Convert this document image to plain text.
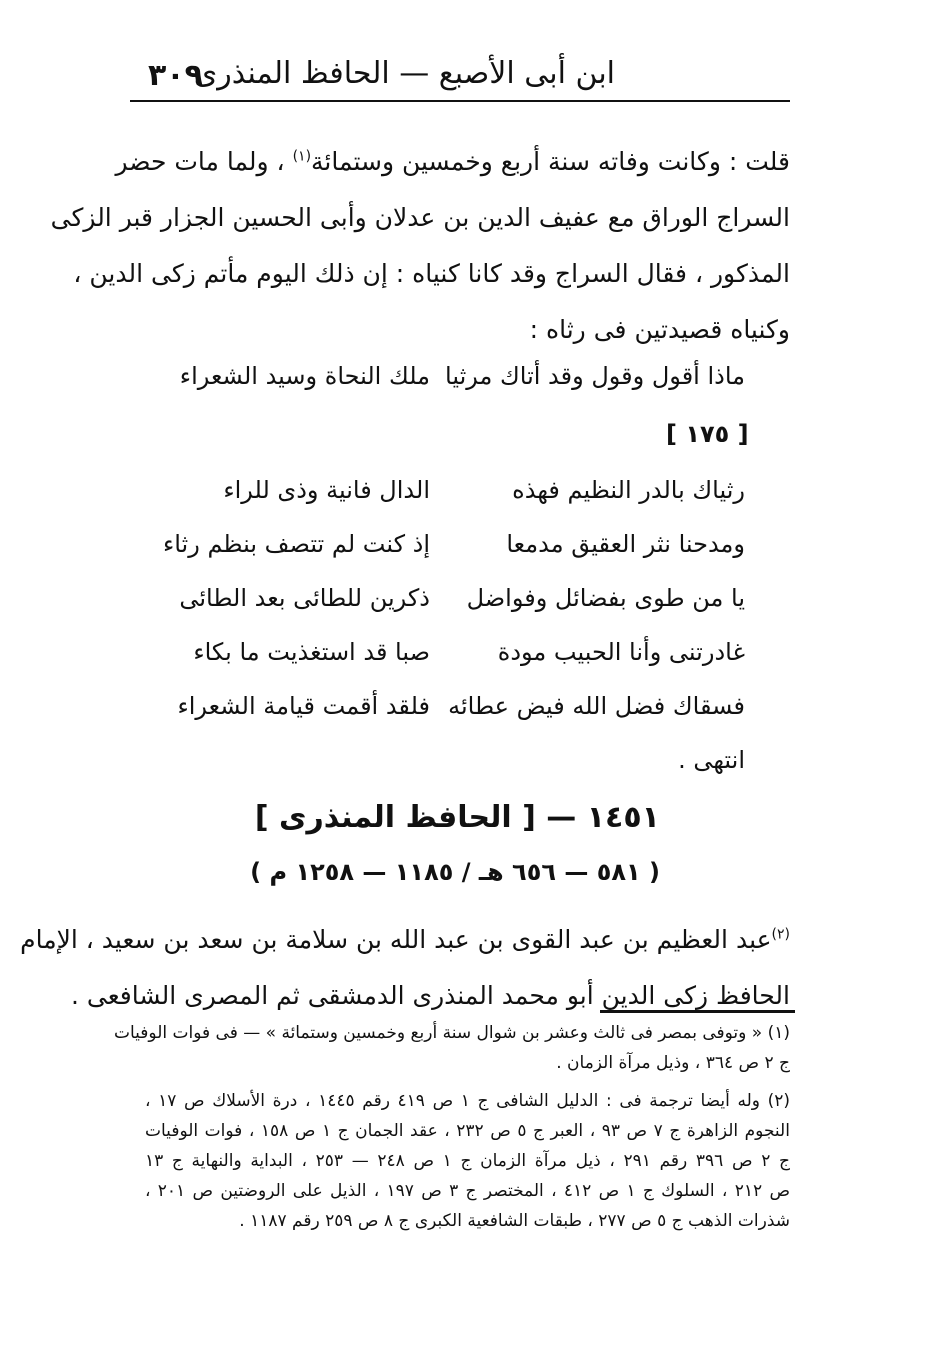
٣٠٩
ابن أبى الأصبع — الحافظ المنذرى
قلت : وكانت وفاته سنة أربع وخمسين وستمائة$^{(١)}$ ، ولما مات حضر
السراج الوراق مع عفيف الدين بن عدلان وأبى الحسين الجزار قبر الزكى
المذكور ، فقال السراج وقد كانا كنياه : إن ذلك اليوم مأتم زكى الدين ،
وكنياه قصيدتين فى رثاه :
ماذا أقول وقول وقد أتاك مرثيا
ملك النحاة وسيد الشعراء
[ ١٧٥ ]
رثياك بالدر النظيم فهذه
الدال فانية وذى للراء
ومدحنا نثر العقيق مدمعا
إذ كنت لم تتصف بنظم رثاء
يا من طوى بفضائل وفواضل
ذكرين للطائى بعد الطائى
غادرتنى وأنا الحبيب مودة
صبا قد استغذيت ما بكاء
فسقاك فضل الله فيض عطائه
فلقد أقمت قيامة الشعراء
انتهى .
١٤٥١ — [ الحافظ المنذرى ]
( ٥٨١ — ٦٥٦ هـ / ١١٨٥ — ١٢٥٨ م )
$^{(٢)}$عبد العظيم بن عبد القوى بن عبد الله بن سلامة بن سعد بن سعيد ، الإمام
الحافظ زكى الدين أبو محمد المنذرى الدمشقى ثم المصرى الشافعى .
(١) « وتوفى بمصر فى ثالث وعشر بن شوال سنة أربع وخمسين وستمائة » — فى فوات الوفيات
ج ٢ ص ٣٦٤ ، وذيل مرآة الزمان .
(٢) وله أيضا ترجمة فى : الدليل الشافى ج ١ ص ٤١٩ رقم ١٤٤٥ ، درة الأسلاك ص ١٧ ،
النجوم الزاهرة ج ٧ ص ٩٣ ، العبر ج ٥ ص ٢٣٢ ، عقد الجمان ج ١ ص ١٥٨ ، فوات الوفيات
ج ٢ ص ٣٩٦ رقم ٢٩١ ، ذيل مرآة الزمان ج ١ ص ٢٤٨ — ٢٥٣ ، البداية والنهاية ج ١٣
ص ٢١٢ ، السلوك ج ١ ص ٤١٢ ، المختصر ج ٣ ص ١٩٧ ، الذيل على الروضتين ص ٢٠١ ،
شذرات الذهب ج ٥ ص ٢٧٧ ، طبقات الشافعية الكبرى ج ٨ ص ٢٥٩ رقم ١١٨٧ .
